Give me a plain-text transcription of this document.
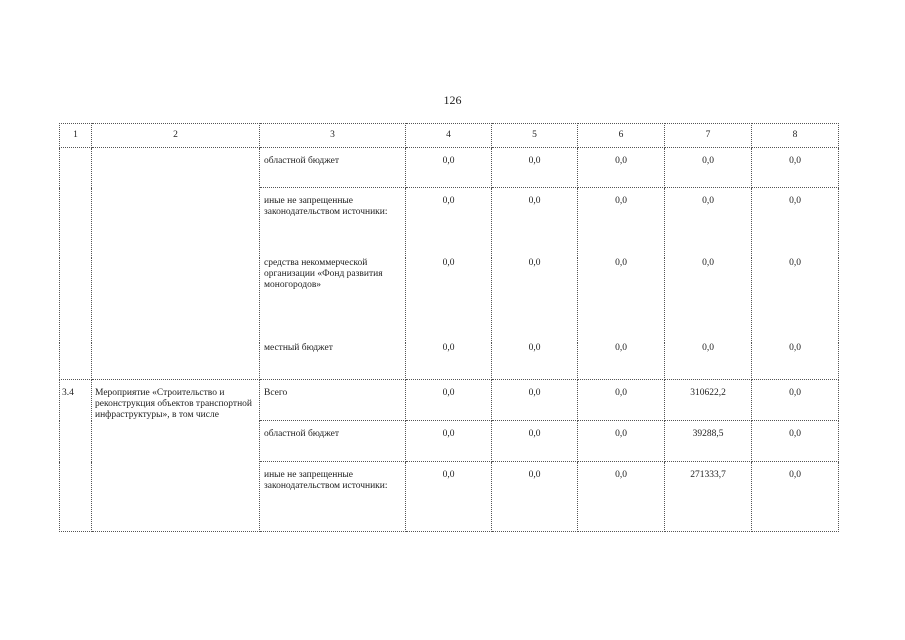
126
1	2	3	4	5	6	7	8
		областной бюджет	0,0	0,0	0,0	0,0	0,0
		иные не запрещенные законодательством источники:	0,0	0,0	0,0	0,0	0,0
		средства некоммерческой организации «Фонд развития моногородов»	0,0	0,0	0,0	0,0	0,0
		местный бюджет	0,0	0,0	0,0	0,0	0,0
3.4	Мероприятие «Строительство и реконструкция объектов транспортной инфраструктуры», в том числе	Всего	0,0	0,0	0,0	310622,2	0,0
		областной бюджет	0,0	0,0	0,0	39288,5	0,0
		иные не запрещенные законодательством источники:	0,0	0,0	0,0	271333,7	0,0
